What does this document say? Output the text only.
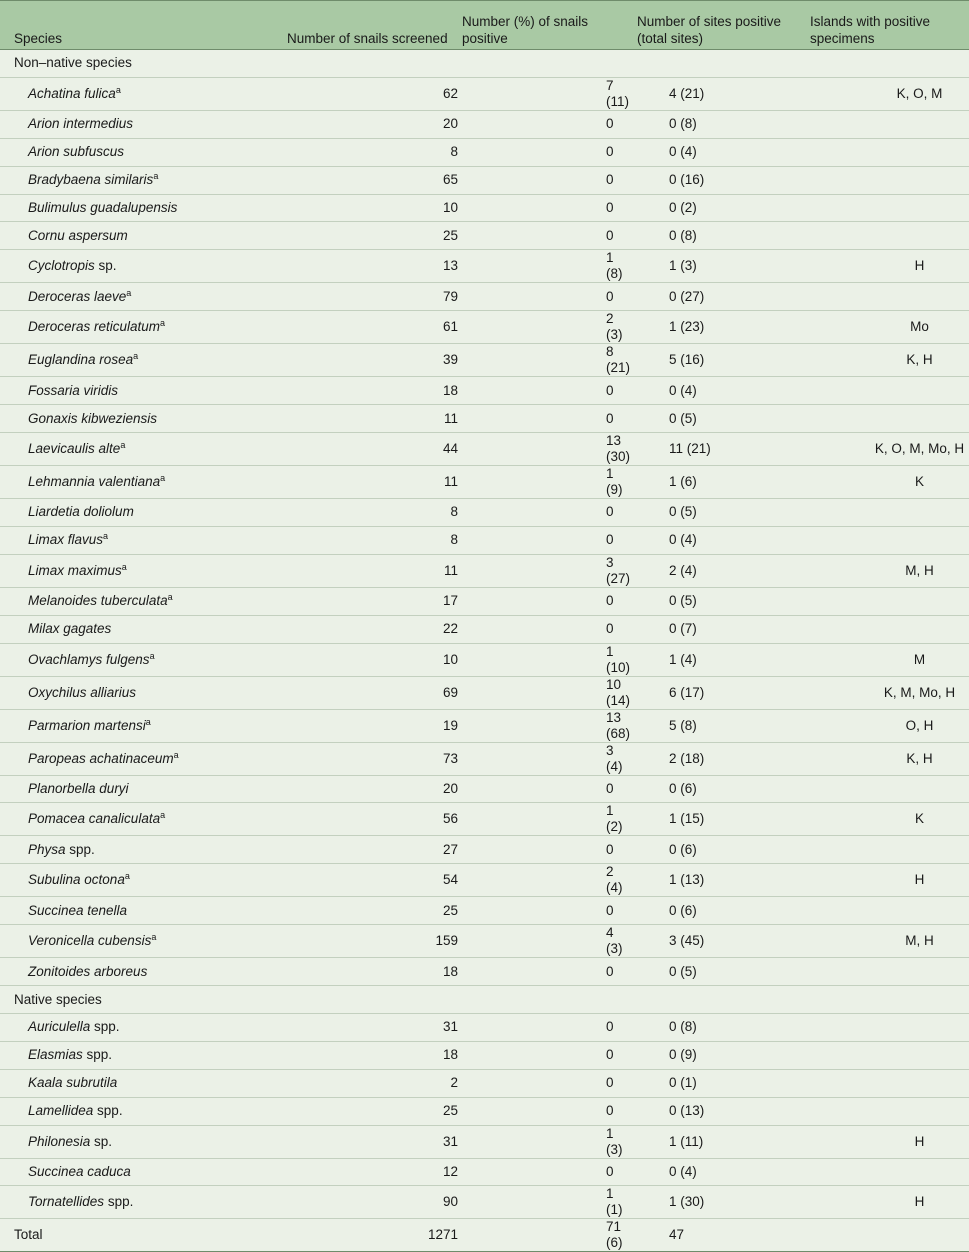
Species	Number of snails screened	Number (%) of snails positive	Number of sites positive (total sites)	Islands with positive specimens
Non–native species				
Achatina fulica$^a$	62	7 (11)	4 (21)	K, O, M
Arion intermedius	20	0	0 (8)	
Arion subfuscus	8	0	0 (4)	
Bradybaena similaris$^a$	65	0	0 (16)	
Bulimulus guadalupensis	10	0	0 (2)	
Cornu aspersum	25	0	0 (8)	
Cyclotropis sp.	13	1 (8)	1 (3)	H
Deroceras laeve$^a$	79	0	0 (27)	
Deroceras reticulatum$^a$	61	2 (3)	1 (23)	Mo
Euglandina rosea$^a$	39	8 (21)	5 (16)	K, H
Fossaria viridis	18	0	0 (4)	
Gonaxis kibweziensis	11	0	0 (5)	
Laevicaulis alte$^a$	44	13 (30)	11 (21)	K, O, M, Mo, H
Lehmannia valentiana$^a$	11	1 (9)	1 (6)	K
Liardetia doliolum	8	0	0 (5)	
Limax flavus$^a$	8	0	0 (4)	
Limax maximus$^a$	11	3 (27)	2 (4)	M, H
Melanoides tuberculata$^a$	17	0	0 (5)	
Milax gagates	22	0	0 (7)	
Ovachlamys fulgens$^a$	10	1 (10)	1 (4)	M
Oxychilus alliarius	69	10 (14)	6 (17)	K, M, Mo, H
Parmarion martensi$^a$	19	13 (68)	5 (8)	O, H
Paropeas achatinaceum$^a$	73	3 (4)	2 (18)	K, H
Planorbella duryi	20	0	0 (6)	
Pomacea canaliculata$^a$	56	1 (2)	1 (15)	K
Physa spp.	27	0	0 (6)	
Subulina octona$^a$	54	2 (4)	1 (13)	H
Succinea tenella	25	0	0 (6)	
Veronicella cubensis$^a$	159	4 (3)	3 (45)	M, H
Zonitoides arboreus	18	0	0 (5)	
Native species				
Auriculella spp.	31	0	0 (8)	
Elasmias spp.	18	0	0 (9)	
Kaala subrutila	2	0	0 (1)	
Lamellidea spp.	25	0	0 (13)	
Philonesia sp.	31	1 (3)	1 (11)	H
Succinea caduca	12	0	0 (4)	
Tornatellides spp.	90	1 (1)	1 (30)	H
Total	1271	71 (6)	47	
